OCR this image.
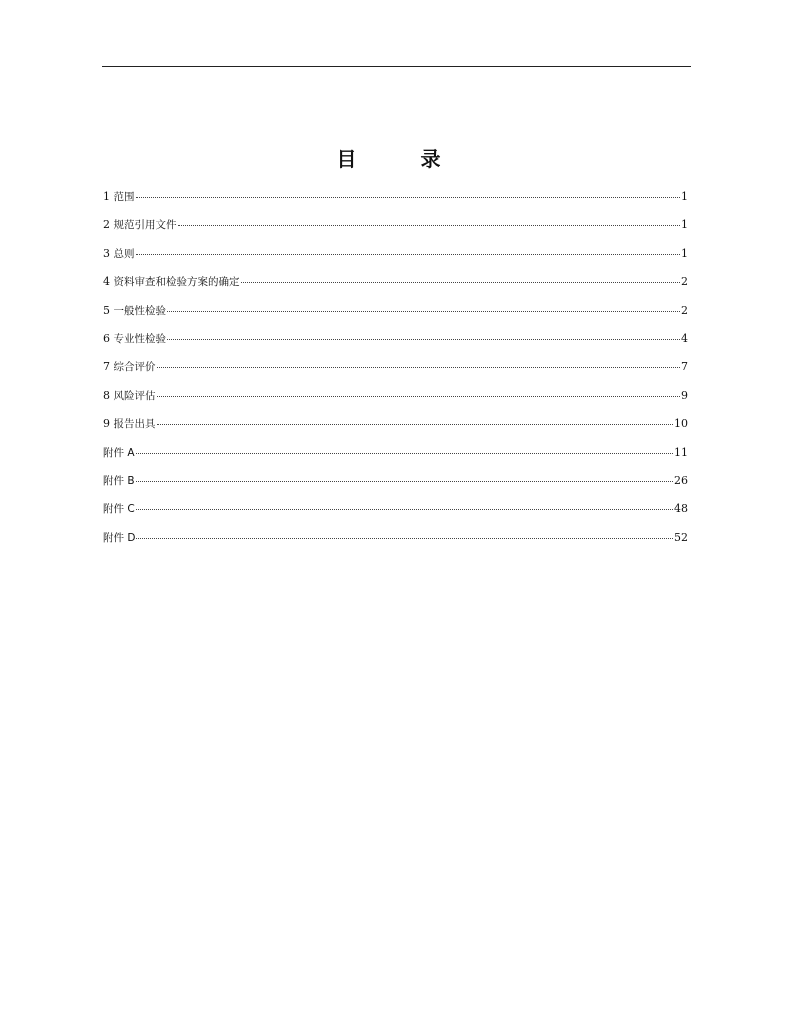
目　录
1 范围	1
2 规范引用文件	1
3 总则	1
4 资料审查和检验方案的确定	2
5 一般性检验	2
6 专业性检验	4
7 综合评价	7
8 风险评估	9
9 报告出具	10
附件 A	11
附件 B	26
附件 C	48
附件 D	52
